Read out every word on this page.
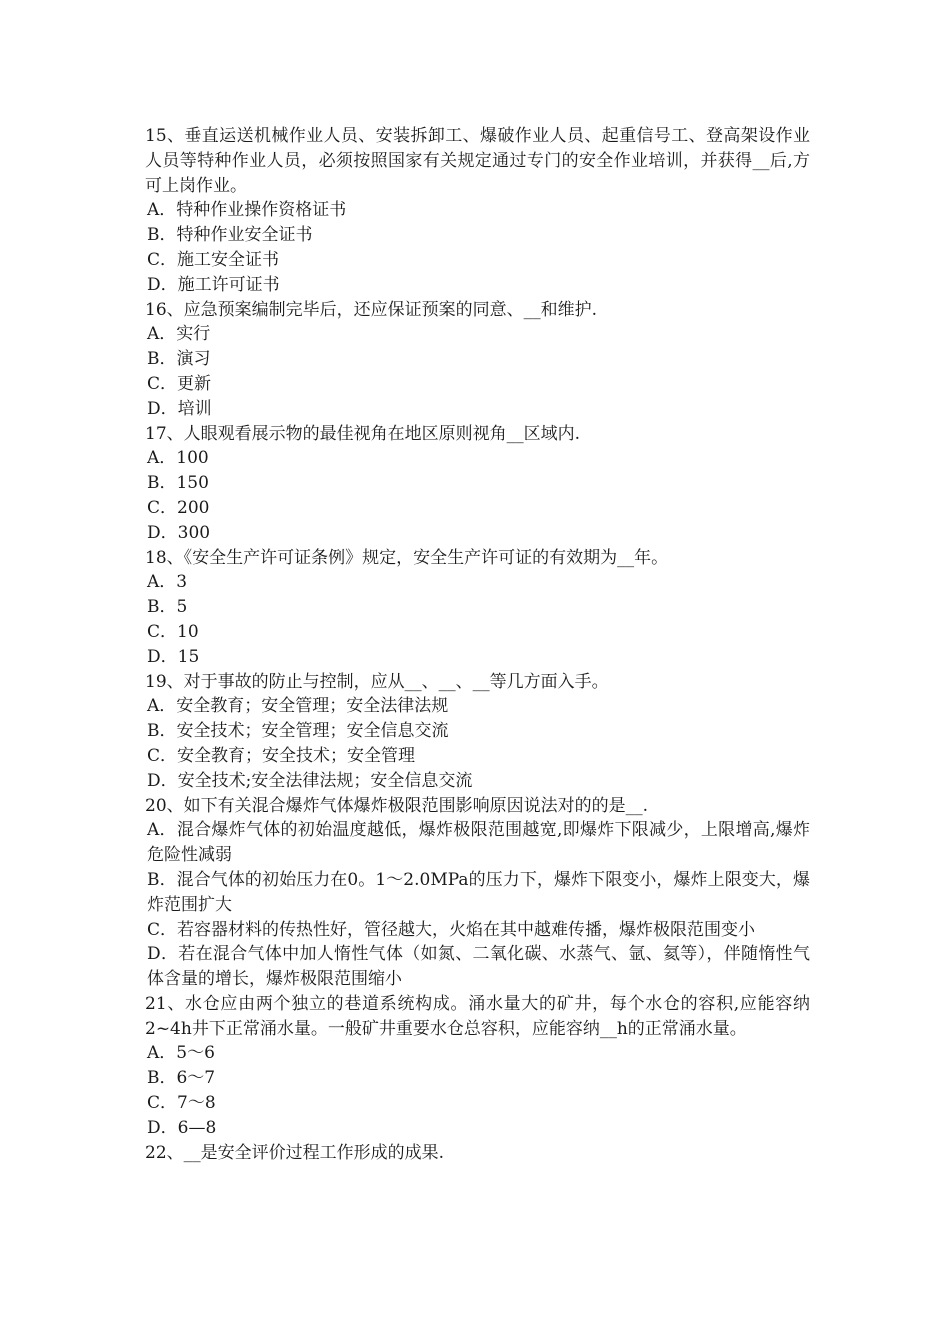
15、垂直运送机械作业人员、安装拆卸工、爆破作业人员、起重信号工、登高架设作业人员等特种作业人员，必须按照国家有关规定通过专门的安全作业培训，并获得__后,方可上岗作业。

A．特种作业操作资格证书

B．特种作业安全证书

C．施工安全证书

D．施工许可证书

16、应急预案编制完毕后，还应保证预案的同意、__和维护.

A．实行

B．演习

C．更新

D．培训

17、人眼观看展示物的最佳视角在地区原则视角__区域内.

A．100

B．150

C．200

D．300

18、《安全生产许可证条例》规定，安全生产许可证的有效期为__年。

A．3

B．5

C．10

D．15

19、对于事故的防止与控制，应从__、__、__等几方面入手。

A．安全教育；安全管理；安全法律法规

B．安全技术；安全管理；安全信息交流

C．安全教育；安全技术；安全管理

D．安全技术;安全法律法规；安全信息交流

20、如下有关混合爆炸气体爆炸极限范围影响原因说法对的的是__.

A．混合爆炸气体的初始温度越低，爆炸极限范围越宽,即爆炸下限减少，上限增高,爆炸危险性减弱

B．混合气体的初始压力在0。1～2.0MPa的压力下，爆炸下限变小，爆炸上限变大，爆炸范围扩大

C．若容器材料的传热性好，管径越大，火焰在其中越难传播，爆炸极限范围变小

D．若在混合气体中加人惰性气体（如氮、二氧化碳、水蒸气、氩、氦等），伴随惰性气体含量的增长，爆炸极限范围缩小

21、水仓应由两个独立的巷道系统构成。涌水量大的矿井，每个水仓的容积,应能容纳2~4h井下正常涌水量。一般矿井重要水仓总容积，应能容纳__h的正常涌水量。

A．5～6

B．6～7

C．7～8

D．6—8

22、__是安全评价过程工作形成的成果.
